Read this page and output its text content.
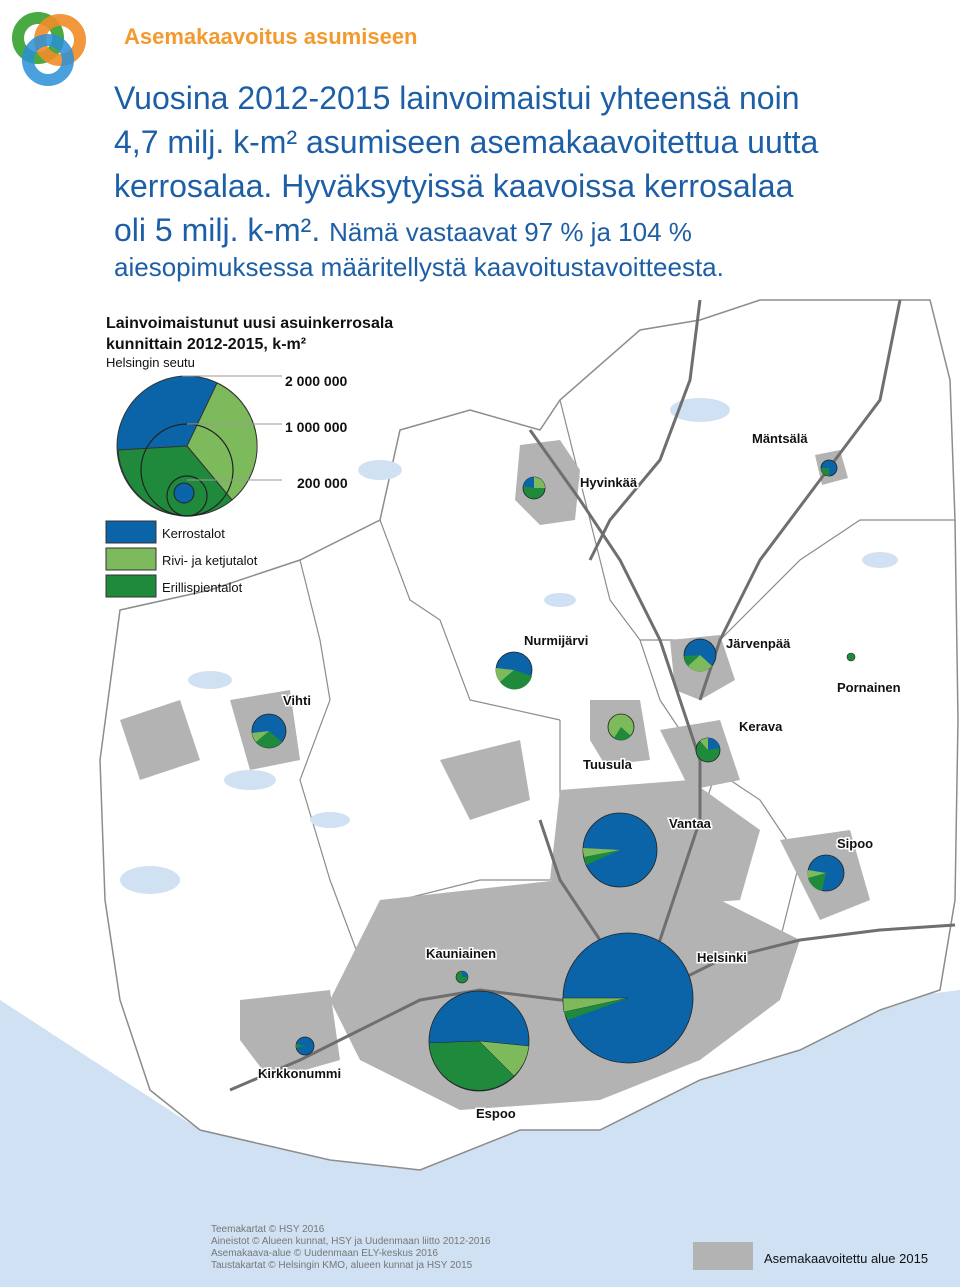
Asemakaavoitus asumiseen
Vuosina 2012-2015 lainvoimaistui yhteensä noin
4,7 milj. k-m² asumiseen asemakaavoitettua uutta
kerrosalaa. Hyväksytyissä kaavoissa kerrosalaa
oli 5 milj. k-m². Nämä vastaavat 97 % ja 104 %
aiesopimuksessa määritellystä kaavoitustavoitteesta.
Lainvoimaistunut uusi asuinkerrosala
kunnittain 2012-2015, k-m²
Helsingin seutu
2 000 000
1 000 000
200 000
Kerrostalot
Rivi- ja ketjutalot
Erillispientalot
Mäntsälä
Hyvinkää
Nurmijärvi	Järvenpää
Pornainen
Vihti
Kerava
Tuusula
Vantaa
Sipoo
Kauniainen	Helsinki
Kirkkonummi
Espoo
Teemakartat © HSY 2016
Aineistot © Alueen kunnat, HSY ja Uudenmaan liitto 2012-2016
Asemakaava-alue © Uudenmaan ELY-keskus 2016
Taustakartat © Helsingin KMO, alueen kunnat ja HSY 2015	Asemakaavoitettu alue 2015
